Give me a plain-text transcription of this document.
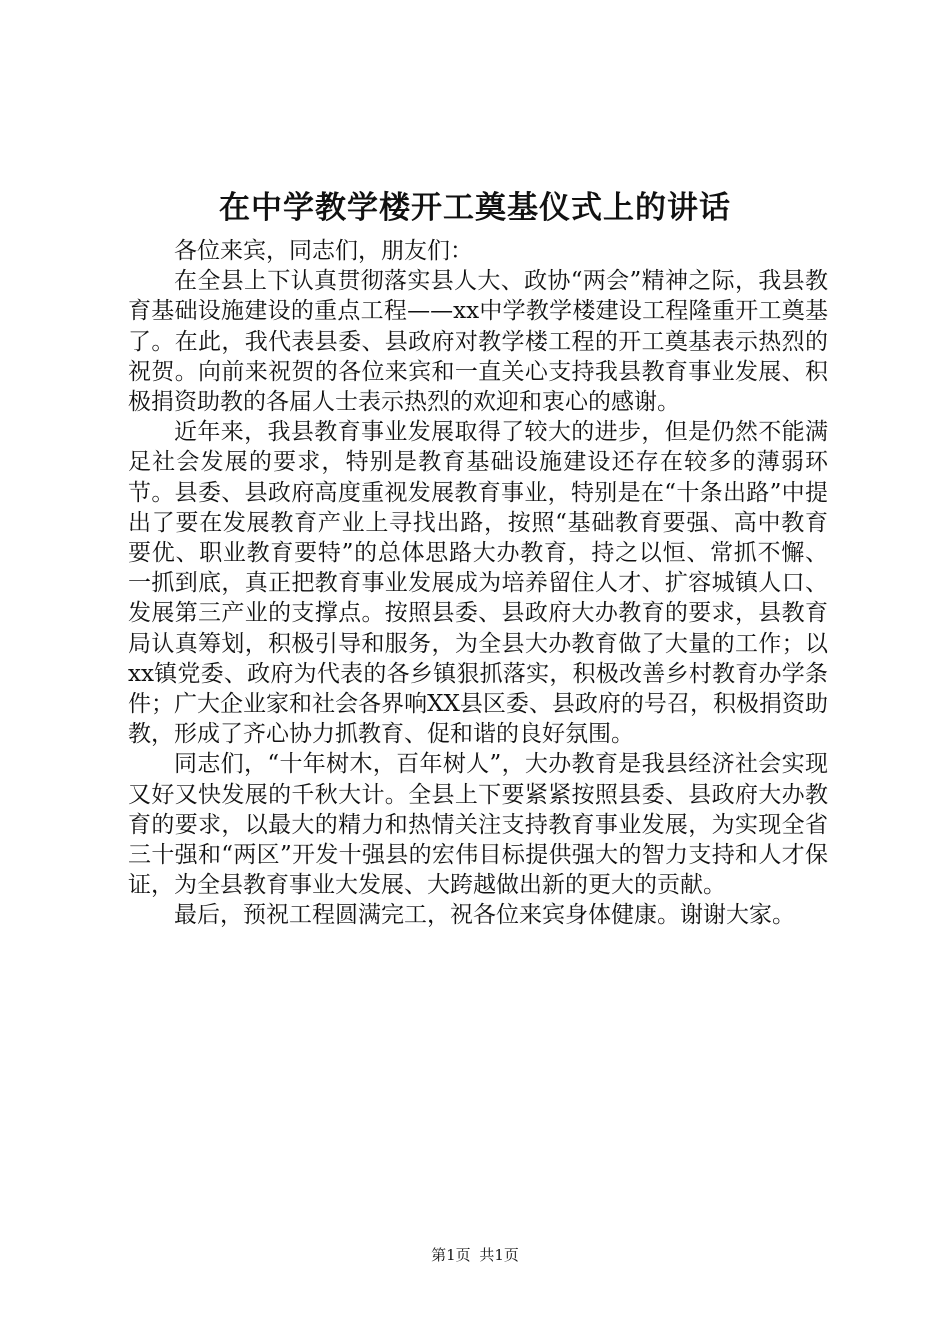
在中学教学楼开工奠基仪式上的讲话

各位来宾，同志们，朋友们：

在全县上下认真贯彻落实县人大、政协“两会”精神之际，我县教育基础设施建设的重点工程——xx中学教学楼建设工程隆重开工奠基了。在此，我代表县委、县政府对教学楼工程的开工奠基表示热烈的祝贺。向前来祝贺的各位来宾和一直关心支持我县教育事业发展、积极捐资助教的各届人士表示热烈的欢迎和衷心的感谢。

近年来，我县教育事业发展取得了较大的进步，但是仍然不能满足社会发展的要求，特别是教育基础设施建设还存在较多的薄弱环节。县委、县政府高度重视发展教育事业，特别是在“十条出路”中提出了要在发展教育产业上寻找出路，按照“基础教育要强、高中教育要优、职业教育要特”的总体思路大办教育，持之以恒、常抓不懈、一抓到底，真正把教育事业发展成为培养留住人才、扩容城镇人口、发展第三产业的支撑点。按照县委、县政府大办教育的要求，县教育局认真筹划，积极引导和服务，为全县大办教育做了大量的工作；以xx镇党委、政府为代表的各乡镇狠抓落实，积极改善乡村教育办学条件；广大企业家和社会各界响XX县区委、县政府的号召，积极捐资助教，形成了齐心协力抓教育、促和谐的良好氛围。

同志们，“十年树木，百年树人”，大办教育是我县经济社会实现又好又快发展的千秋大计。全县上下要紧紧按照县委、县政府大办教育的要求，以最大的精力和热情关注支持教育事业发展，为实现全省三十强和“两区”开发十强县的宏伟目标提供强大的智力支持和人才保证，为全县教育事业大发展、大跨越做出新的更大的贡献。

最后，预祝工程圆满完工，祝各位来宾身体健康。谢谢大家。

第1页 共1页
